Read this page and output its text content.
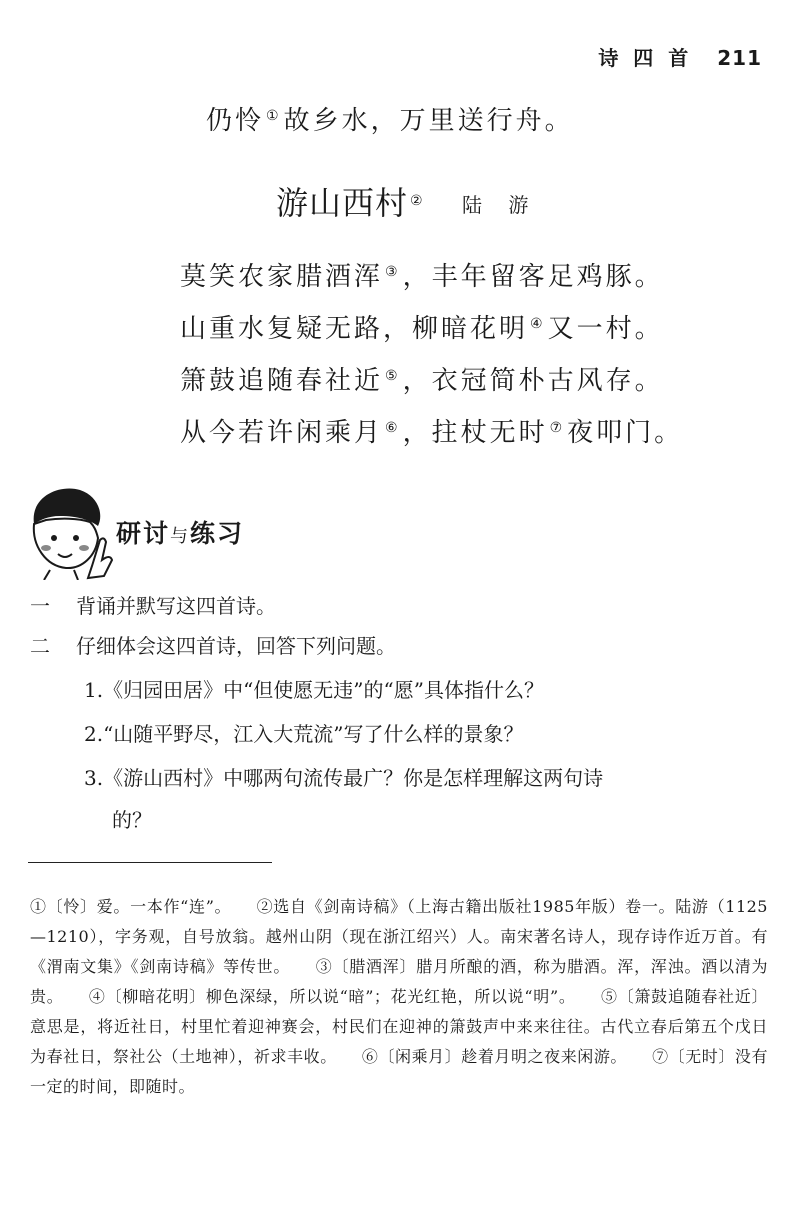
诗 四 首 211
仍怜 ①故乡水，万里送行舟。
游山西村 ② 陆 游
莫笑农家腊酒浑 ③，丰年留客足鸡豚。
山重水复疑无路，柳暗花明 ④又一村。
箫鼓追随春社近 ⑤，衣冠简朴古风存。
从今若许闲乘月 ⑥，拄杖无时 ⑦夜叩门。
研讨与练习
一 背诵并默写这四首诗。
二 仔细体会这四首诗，回答下列问题。
1.《归园田居》中“但使愿无违”的“愿”具体指什么？
2.“山随平野尽，江入大荒流”写了什么样的景象？
3.《游山西村》中哪两句流传最广？你是怎样理解这两句诗
的？
①〔怜〕爱。一本作“连”。　　②选自《剑南诗稿》（上海古籍出版社1985年版）卷一。陆游（1125—1210），字务观，自号放翁。越州山阴（现在浙江绍兴）人。南宋著名诗人，现存诗作近万首。有《渭南文集》《剑南诗稿》等传世。　　③〔腊酒浑〕腊月所酿的酒，称为腊酒。浑，浑浊。酒以清为贵。　　④〔柳暗花明〕柳色深绿，所以说“暗”；花光红艳，所以说“明”。　　⑤〔箫鼓追随春社近〕意思是，将近社日，村里忙着迎神赛会，村民们在迎神的箫鼓声中来来往往。古代立春后第五个戊日为春社日，祭社公（土地神），祈求丰收。　　⑥〔闲乘月〕趁着月明之夜来闲游。　　⑦〔无时〕没有一定的时间，即随时。
